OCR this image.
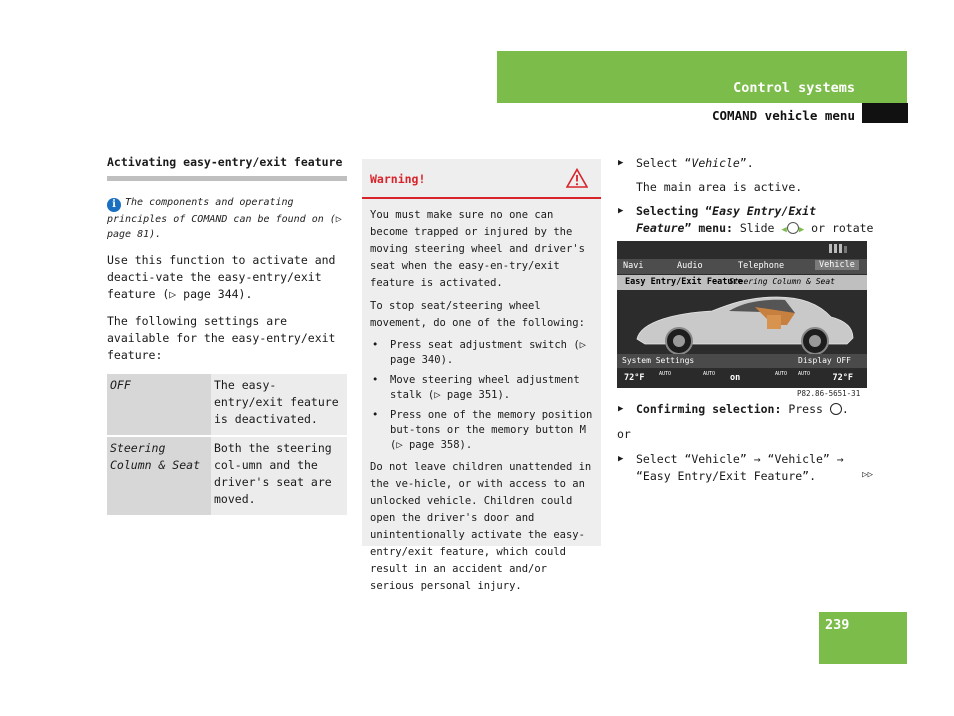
Control systems
COMAND vehicle menu
Activating easy-entry/exit feature
i The components and operating principles of COMAND can be found on (▷ page 81).
Use this function to activate and deacti-vate the easy-entry/exit feature (▷ page 344).
The following settings are available for the easy-entry/exit feature:
OFF	The easy-entry/exit feature is deactivated.
Steering Column & Seat	Both the steering col-umn and the driver's seat are moved.
Warning!

You must make sure no one can become trapped or injured by the moving steering wheel and driver's seat when the easy-en-try/exit feature is activated.

To stop seat/steering wheel movement, do one of the following:

• Press seat adjustment switch (▷ page 340).
• Move steering wheel adjustment stalk (▷ page 351).
• Press one of the memory position but-tons or the memory button M (▷ page 358).

Do not leave children unattended in the ve-hicle, or with access to an unlocked vehicle. Children could open the driver's door and unintentionally activate the easy-entry/exit feature, which could result in an accident and/or serious personal injury.

▶ Select “Vehicle”.
The main area is active.
▶ Selecting “Easy Entry/Exit Feature” menu: Slide ◀ ▶ or rotate
Navi	Audio	Telephone	Vehicle
Easy Entry/Exit Feature
Steering Column & Seat
System Settings	Display OFF
72°F	AUTO	AUTO on	AUTO AUTO	72°F
P82.86-5651-31
▶ Confirming selection: Press .
or
▶ Select “Vehicle” → “Vehicle” → “Easy Entry/Exit Feature”.	▷▷
239
